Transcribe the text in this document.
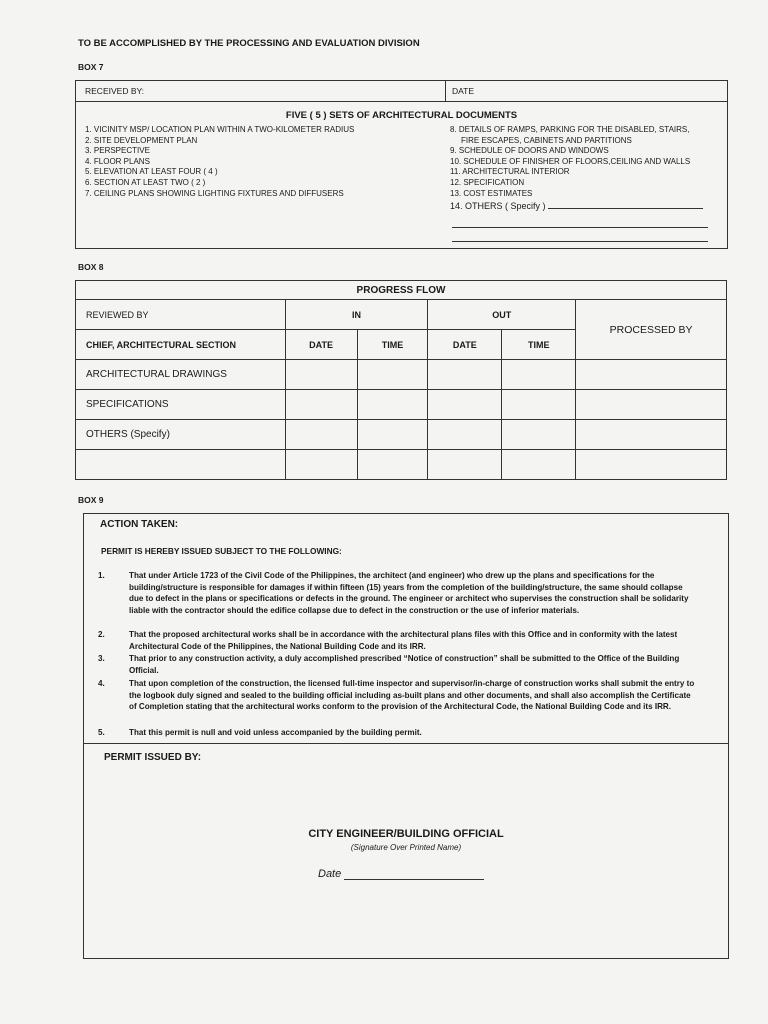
TO BE ACCOMPLISHED BY THE PROCESSING AND EVALUATION DIVISION
BOX 7
RECEIVED BY:	DATE
FIVE ( 5 ) SETS OF ARCHITECTURAL DOCUMENTS
1. VICINITY MSP/ LOCATION PLAN WITHIN A TWO-KILOMETER RADIUS
2. SITE DEVELOPMENT PLAN
3. PERSPECTIVE
4. FLOOR PLANS
5. ELEVATION AT LEAST FOUR ( 4 )
6. SECTION AT LEAST TWO ( 2 )
7. CEILING PLANS SHOWING LIGHTING FIXTURES AND DIFFUSERS
8. DETAILS OF RAMPS, PARKING FOR THE DISABLED, STAIRS,
FIRE ESCAPES, CABINETS AND PARTITIONS
9. SCHEDULE OF DOORS AND WINDOWS
10. SCHEDULE OF FINISHER OF FLOORS,CEILING AND WALLS
11. ARCHITECTURAL INTERIOR
12. SPECIFICATION
13. COST ESTIMATES
14. OTHERS ( Specify )
BOX 8
PROGRESS FLOW					
REVIEWED BY	IN		OUT		PROCESSED BY
CHIEF, ARCHITECTURAL SECTION	DATE	TIME	DATE	TIME	
ARCHITECTURAL DRAWINGS					
SPECIFICATIONS					
OTHERS (Specify)					

BOX 9
ACTION TAKEN:
PERMIT IS HEREBY ISSUED SUBJECT TO THE FOLLOWING:
1.	That under Article 1723 of the Civil Code of the Philippines, the architect (and engineer) who drew up the plans and specifications for the building/structure is responsible for damages if within fifteen (15) years from the completion of the building/structure, the same should collapse due to defect in the plans or specifications or defects in the ground. The engineer or architect who supervises the construction shall be solidarity liable with the contractor should the edifice collapse due to defect in the construction or the use of inferior materials.
2.	That the proposed architectural works shall be in accordance with the architectural plans files with this Office and in conformity with the latest Architectural Code of the Philippines, the National Building Code and its IRR.
3.	That prior to any construction activity, a duly accomplished prescribed “Notice of construction” shall be submitted to the Office of the Building Official.
4.	That upon completion of the construction, the licensed full-time inspector and supervisor/in-charge of construction works shall submit the entry to the logbook duly signed and sealed to the building official including as-built plans and other documents, and shall also accomplish the Certificate of Completion stating that the architectural works conform to the provision of the Architectural Code, the National Building Code and its IRR.
5.	That this permit is null and void unless accompanied by the building permit.
PERMIT ISSUED BY:
CITY ENGINEER/BUILDING OFFICIAL
(Signature Over Printed Name)
Date
